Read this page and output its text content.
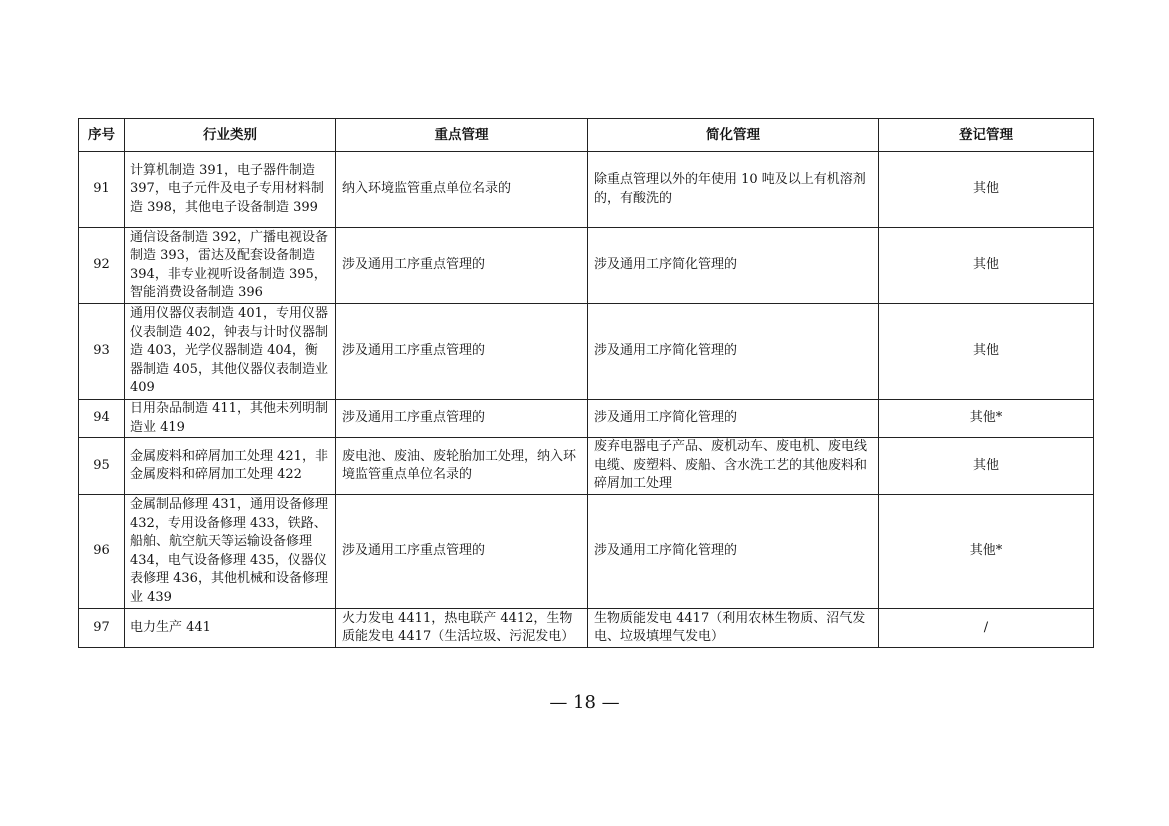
序号	行业类别	重点管理	简化管理	登记管理
91	计算机制造 391，电子器件制造 397，电子元件及电子专用材料制造 398，其他电子设备制造 399	纳入环境监管重点单位名录的	除重点管理以外的年使用 10 吨及以上有机溶剂的，有酸洗的	其他
92	通信设备制造 392，广播电视设备制造 393，雷达及配套设备制造 394，非专业视听设备制造 395，智能消费设备制造 396	涉及通用工序重点管理的	涉及通用工序简化管理的	其他
93	通用仪器仪表制造 401，专用仪器仪表制造 402，钟表与计时仪器制造 403，光学仪器制造 404，衡器制造 405，其他仪器仪表制造业 409	涉及通用工序重点管理的	涉及通用工序简化管理的	其他
94	日用杂品制造 411，其他未列明制造业 419	涉及通用工序重点管理的	涉及通用工序简化管理的	其他*
95	金属废料和碎屑加工处理 421，非金属废料和碎屑加工处理 422	废电池、废油、废轮胎加工处理，纳入环境监管重点单位名录的	废弃电器电子产品、废机动车、废电机、废电线电缆、废塑料、废船、含水洗工艺的其他废料和碎屑加工处理	其他
96	金属制品修理 431，通用设备修理 432，专用设备修理 433，铁路、船舶、航空航天等运输设备修理 434，电气设备修理 435，仪器仪表修理 436，其他机械和设备修理业 439	涉及通用工序重点管理的	涉及通用工序简化管理的	其他*
97	电力生产 441	火力发电 4411，热电联产 4412，生物质能发电 4417（生活垃圾、污泥发电）	生物质能发电 4417（利用农林生物质、沼气发电、垃圾填埋气发电）	/
— 18 —
